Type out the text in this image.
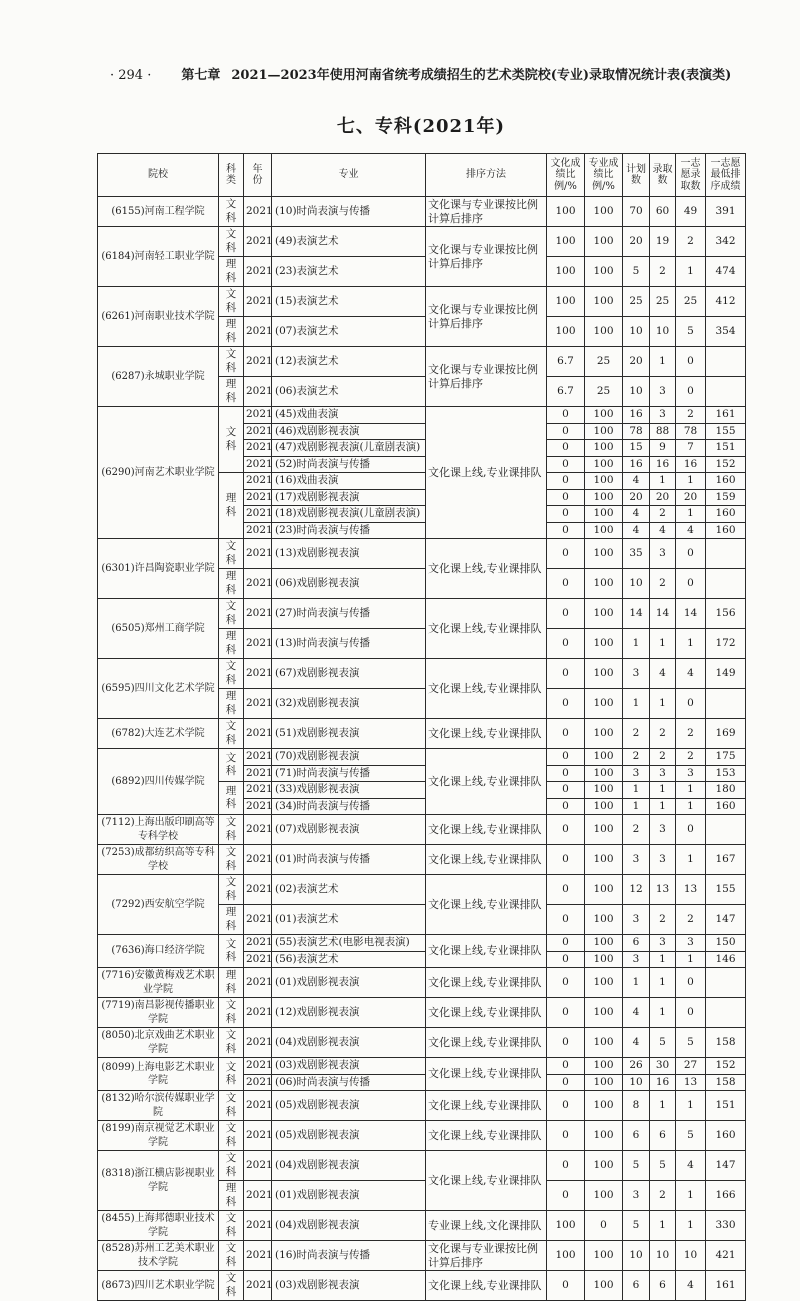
· 294 · 第七章 2021—2023年使用河南省统考成绩招生的艺术类院校(专业)录取情况统计表(表演类)
七、专科(2021年)
院校	科类	年份	专业	排序方法	文化成绩比例/%	专业成绩比例/%	计划数	录取数	一志愿录取数	一志愿最低排序成绩
(6155)河南工程学院	文科	2021	(10)时尚表演与传播	文化课与专业课按比例计算后排序	100	100	70	60	49	391
(6184)河南轻工职业学院	文科	2021	(49)表演艺术	文化课与专业课按比例计算后排序	100	100	20	19	2	342
	理科	2021	(23)表演艺术		100	100	5	2	1	474
(6261)河南职业技术学院	文科	2021	(15)表演艺术	文化课与专业课按比例计算后排序	100	100	25	25	25	412
	理科	2021	(07)表演艺术		100	100	10	10	5	354
(6287)永城职业学院	文科	2021	(12)表演艺术	文化课与专业课按比例计算后排序	6.7	25	20	1	0	
	理科	2021	(06)表演艺术		6.7	25	10	3	0	
(6290)河南艺术职业学院	文科	2021	(45)戏曲表演	文化课上线,专业课排队	0	100	16	3	2	161
		2021	(46)戏剧影视表演		0	100	78	88	78	155
		2021	(47)戏剧影视表演(儿童剧表演)		0	100	15	9	7	151
		2021	(52)时尚表演与传播		0	100	16	16	16	152
	理科	2021	(16)戏曲表演		0	100	4	1	1	160
		2021	(17)戏剧影视表演		0	100	20	20	20	159
		2021	(18)戏剧影视表演(儿童剧表演)		0	100	4	2	1	160
		2021	(23)时尚表演与传播		0	100	4	4	4	160
(6301)许昌陶瓷职业学院	文科	2021	(13)戏剧影视表演	文化课上线,专业课排队	0	100	35	3	0	
	理科	2021	(06)戏剧影视表演		0	100	10	2	0	
(6505)郑州工商学院	文科	2021	(27)时尚表演与传播	文化课上线,专业课排队	0	100	14	14	14	156
	理科	2021	(13)时尚表演与传播		0	100	1	1	1	172
(6595)四川文化艺术学院	文科	2021	(67)戏剧影视表演	文化课上线,专业课排队	0	100	3	4	4	149
	理科	2021	(32)戏剧影视表演		0	100	1	1	0	
(6782)大连艺术学院	文科	2021	(51)戏剧影视表演	文化课上线,专业课排队	0	100	2	2	2	169
(6892)四川传媒学院	文科	2021	(70)戏剧影视表演	文化课上线,专业课排队	0	100	2	2	2	175
		2021	(71)时尚表演与传播		0	100	3	3	3	153
	理科	2021	(33)戏剧影视表演		0	100	1	1	1	180
		2021	(34)时尚表演与传播		0	100	1	1	1	160
(7112)上海出版印刷高等专科学校	文科	2021	(07)戏剧影视表演	文化课上线,专业课排队	0	100	2	3	0	
(7253)成都纺织高等专科学校	文科	2021	(01)时尚表演与传播	文化课上线,专业课排队	0	100	3	3	1	167
(7292)西安航空学院	文科	2021	(02)表演艺术	文化课上线,专业课排队	0	100	12	13	13	155
	理科	2021	(01)表演艺术		0	100	3	2	2	147
(7636)海口经济学院	文科	2021	(55)表演艺术(电影电视表演)	文化课上线,专业课排队	0	100	6	3	3	150
		2021	(56)表演艺术		0	100	3	1	1	146
(7716)安徽黄梅戏艺术职业学院	理科	2021	(01)戏剧影视表演	文化课上线,专业课排队	0	100	1	1	0	
(7719)南昌影视传播职业学院	文科	2021	(12)戏剧影视表演	文化课上线,专业课排队	0	100	4	1	0	
(8050)北京戏曲艺术职业学院	文科	2021	(04)戏剧影视表演	文化课上线,专业课排队	0	100	4	5	5	158
(8099)上海电影艺术职业学院	文科	2021	(03)戏剧影视表演	文化课上线,专业课排队	0	100	26	30	27	152
		2021	(06)时尚表演与传播		0	100	10	16	13	158
(8132)哈尔滨传媒职业学院	文科	2021	(05)戏剧影视表演	文化课上线,专业课排队	0	100	8	1	1	151
(8199)南京视觉艺术职业学院	文科	2021	(05)戏剧影视表演	文化课上线,专业课排队	0	100	6	6	5	160
(8318)浙江横店影视职业学院	文科	2021	(04)戏剧影视表演	文化课上线,专业课排队	0	100	5	5	4	147
	理科	2021	(01)戏剧影视表演		0	100	3	2	1	166
(8455)上海邦德职业技术学院	文科	2021	(04)戏剧影视表演	专业课上线,文化课排队	100	0	5	1	1	330
(8528)苏州工艺美术职业技术学院	文科	2021	(16)时尚表演与传播	文化课与专业课按比例计算后排序	100	100	10	10	10	421
(8673)四川艺术职业学院	文科	2021	(03)戏剧影视表演	文化课上线,专业课排队	0	100	6	6	4	161
